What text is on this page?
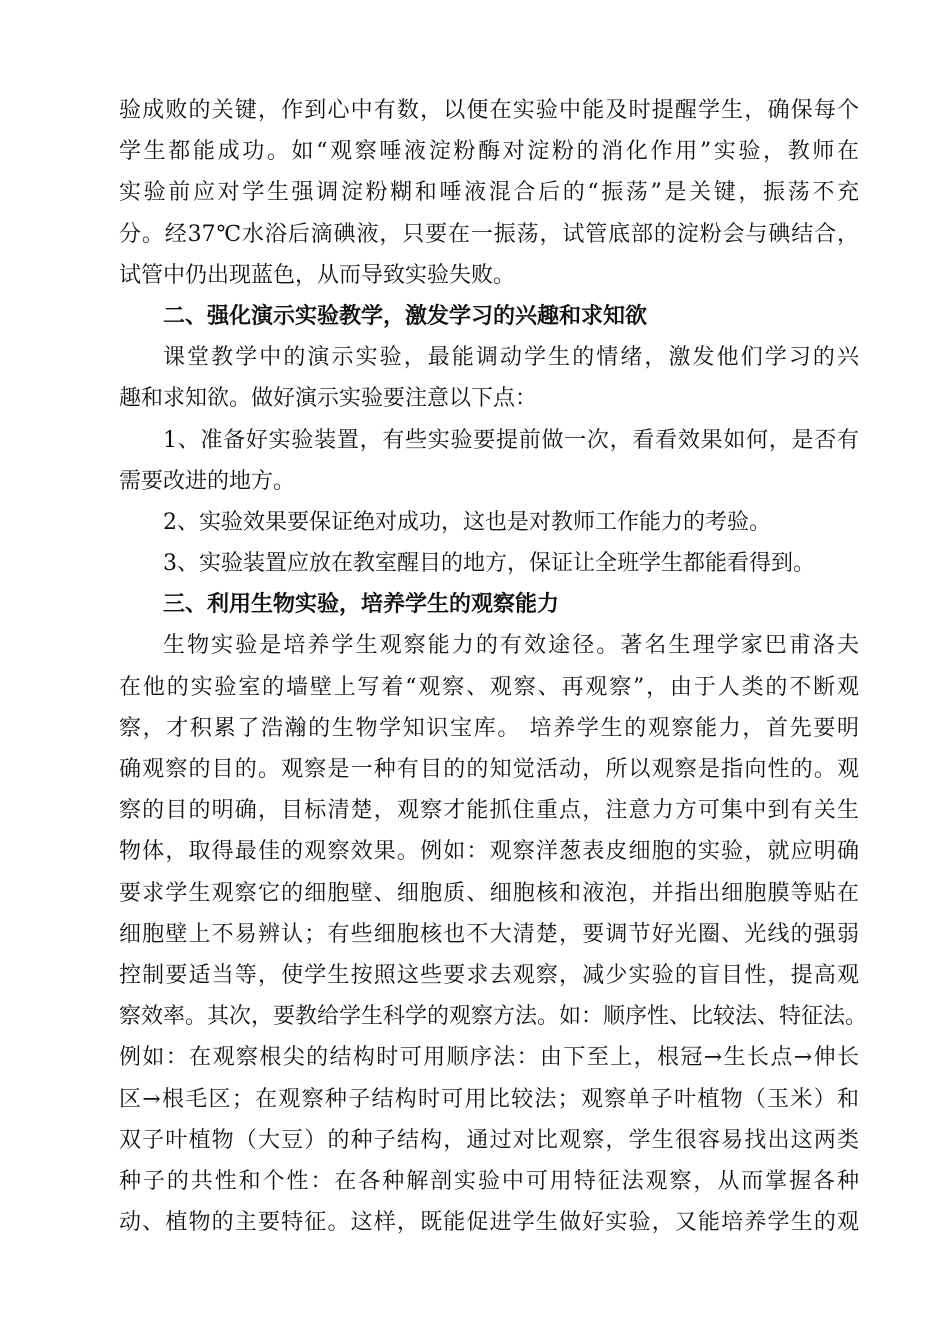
验成败的关键，作到心中有数，以便在实验中能及时提醒学生，确保每个
学生都能成功。如“观察唾液淀粉酶对淀粉的消化作用”实验，教师在
实验前应对学生强调淀粉糊和唾液混合后的“振荡”是关键，振荡不充
分。经37℃水浴后滴碘液，只要在一振荡，试管底部的淀粉会与碘结合，
试管中仍出现蓝色，从而导致实验失败。
二、强化演示实验教学，激发学习的兴趣和求知欲
课堂教学中的演示实验，最能调动学生的情绪，激发他们学习的兴
趣和求知欲。做好演示实验要注意以下点：
1、准备好实验装置，有些实验要提前做一次，看看效果如何，是否有
需要改进的地方。
2、实验效果要保证绝对成功，这也是对教师工作能力的考验。
3、实验装置应放在教室醒目的地方，保证让全班学生都能看得到。
三、利用生物实验，培养学生的观察能力
生物实验是培养学生观察能力的有效途径。著名生理学家巴甫洛夫
在他的实验室的墙壁上写着“观察、观察、再观察”，由于人类的不断观
察，才积累了浩瀚的生物学知识宝库。 培养学生的观察能力，首先要明
确观察的目的。观察是一种有目的的知觉活动，所以观察是指向性的。观
察的目的明确，目标清楚，观察才能抓住重点，注意力方可集中到有关生
物体，取得最佳的观察效果。例如：观察洋葱表皮细胞的实验，就应明确
要求学生观察它的细胞壁、细胞质、细胞核和液泡，并指出细胞膜等贴在
细胞壁上不易辨认；有些细胞核也不大清楚，要调节好光圈、光线的强弱
控制要适当等，使学生按照这些要求去观察，减少实验的盲目性，提高观
察效率。其次，要教给学生科学的观察方法。如：顺序性、比较法、特征法。
例如：在观察根尖的结构时可用顺序法：由下至上，根冠→生长点→伸长
区→根毛区；在观察种子结构时可用比较法；观察单子叶植物（玉米）和
双子叶植物（大豆）的种子结构，通过对比观察，学生很容易找出这两类
种子的共性和个性：在各种解剖实验中可用特征法观察，从而掌握各种
动、植物的主要特征。这样，既能促进学生做好实验，又能培养学生的观
